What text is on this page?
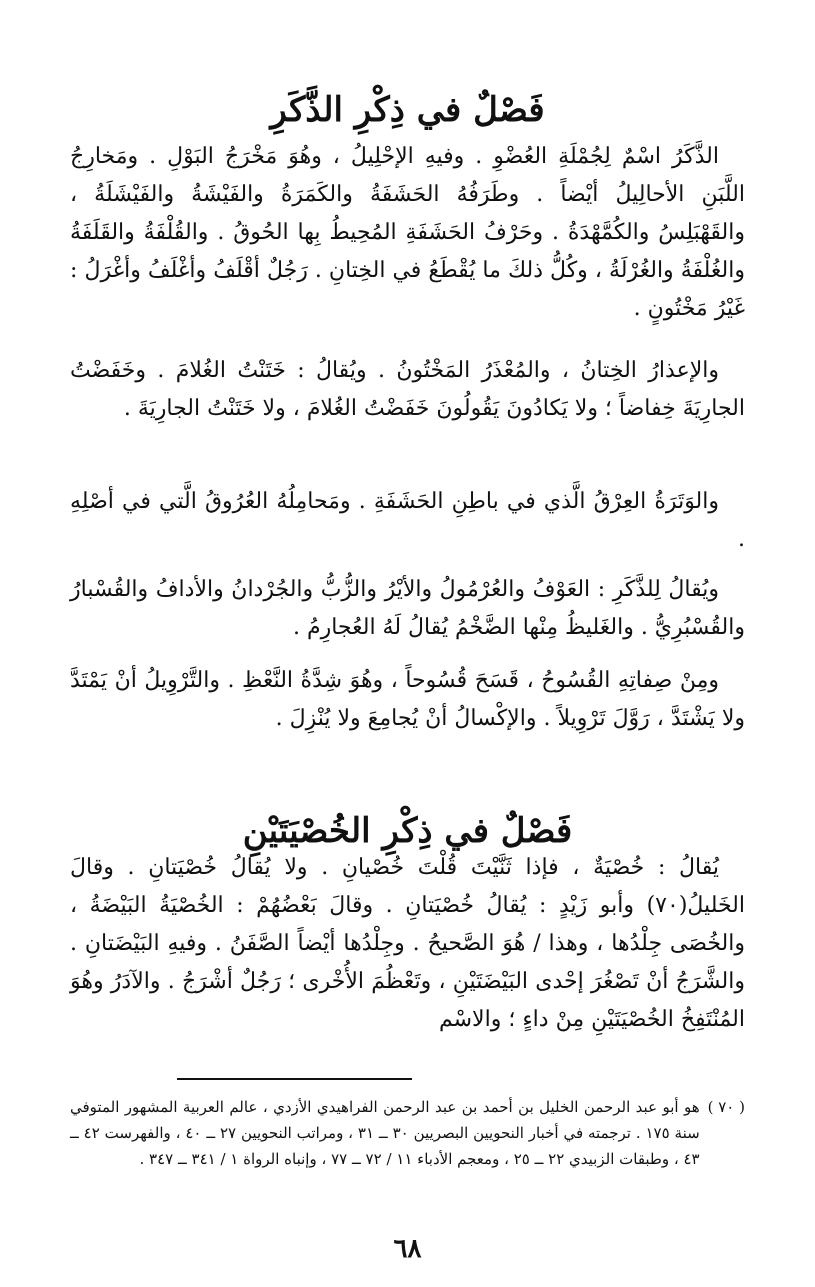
فَصْلٌ في ذِكْرِ الذَّكَرِ

الذَّكَرُ اسْمٌ لِجُمْلَةِ العُضْوِ . وفيهِ الإحْلِيلُ ، وهُوَ مَخْرَجُ البَوْلِ . ومَخارِجُ اللَّبَنِ الأحالِيلُ أيْضاً . وطَرَفُهُ الحَشَفَةُ والكَمَرَةُ والفَيْشَةُ والفَيْشَلَةُ ، والقَهْبَلِسُ والكُمَّهْدَةُ . وحَرْفُ الحَشَفَةِ المُحِيطُ بِها الحُوقُ . والقُلْفَةُ والقَلَفَةُ والغُلْفَةُ والغُرْلَةُ ، وكُلُّ ذلكَ ما يُقْطَعُ في الخِتانِ . رَجُلٌ أقْلَفُ وأغْلَفُ وأغْرَلُ : غَيْرُ مَخْتُونٍ .

والإعذارُ الخِتانُ ، والمُعْذَرُ المَخْتُونُ . ويُقالُ : خَتَنْتُ الغُلامَ . وخَفَضْتُ الجارِيَةَ خِفاضاً ؛ ولا يَكادُونَ يَقُولُونَ خَفَضْتُ الغُلامَ ، ولا خَتَنْتُ الجارِيَةَ .

والوَتَرَةُ العِرْقُ الَّذي في باطِنِ الحَشَفَةِ . ومَحامِلُهُ العُرُوقُ الَّتي في أصْلِهِ .

ويُقالُ لِلذَّكَرِ : العَوْفُ والعُرْمُولُ والأيْرُ والزُّبُّ والجُرْدانُ والأدافُ والقُسْبارُ والقُسْبُرِيُّ . والغَليظُ مِنْها الضَّخْمُ يُقالُ لَهُ العُجارِمُ .

ومِنْ صِفاتِهِ القُسُوحُ ، قَسَحَ قُسُوحاً ، وهُوَ شِدَّةُ النَّعْظِ . والتَّرْوِيلُ أنْ يَمْتَدَّ ولا يَشْتَدَّ ، رَوَّلَ تَرْوِيلاً . والإكْسالُ أنْ يُجامِعَ ولا يُنْزِلَ .

فَصْلٌ في ذِكْرِ الخُصْيَتَيْنِ

يُقالُ : خُصْيَةٌ ، فإذا ثَنَّيْتَ قُلْتَ خُصْيانِ . ولا يُقالُ خُصْيَتانِ . وقالَ الخَليلُ(٧٠) وأبو زَيْدٍ : يُقالُ خُصْيَتانِ . وقالَ بَعْضُهُمْ : الخُصْيَةُ البَيْضَةُ ، والخُصَى جِلْدُها ، وهذا / هُوَ الصَّحيحُ . وجِلْدُها أيْضاً الصَّفَنُ . وفيهِ البَيْضَتانِ . والشَّرَجُ أنْ تَصْغُرَ إحْدى البَيْضَتَيْنِ ، وتَعْظُمَ الأُخْرى ؛ رَجُلٌ أشْرَجُ . والآدَرُ وهُوَ المُنْتَفِخُ الخُصْيَتَيْنِ مِنْ داءٍ ؛ والاسْم

( ٧٠ )
هو أبو عبد الرحمن الخليل بن أحمد بن عبد الرحمن الفراهيدي الأزدي ، عالم العربية المشهور المتوفي سنة ١٧٥ . ترجمته في أخبار النحويين البصريين ٣٠ ــ ٣١ ، ومراتب النحويين ٢٧ ــ ٤٠ ، والفهرست ٤٢ ــ ٤٣ ، وطبقات الزبيدي ٢٢ ــ ٢٥ ، ومعجم الأدباء ١١ / ٧٢ ــ ٧٧ ، وإنباه الرواة ١ / ٣٤١ ــ ٣٤٧ .
٦٨
